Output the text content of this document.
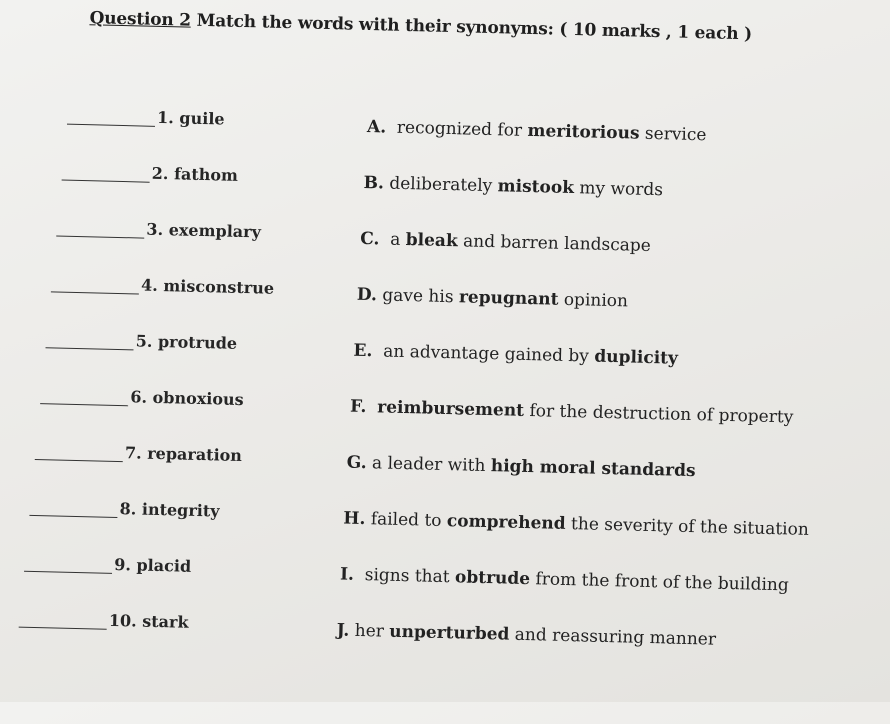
Question 2 Match the words with their synonyms: ( 10 marks , 1 each )
1. guile	A.  recognized for meritorious service
2. fathom	B. deliberately mistook my words
3. exemplary	C.  a bleak and barren landscape
4. misconstrue	D. gave his repugnant opinion
5. protrude	E.  an advantage gained by duplicity
6. obnoxious	F. reimbursement for the destruction of property
7. reparation	G. a leader with high moral standards
8. integrity	H. failed to comprehend the severity of the situation
9. placid	I.  signs that obtrude from the front of the building
10. stark	J. her unperturbed and reassuring manner
